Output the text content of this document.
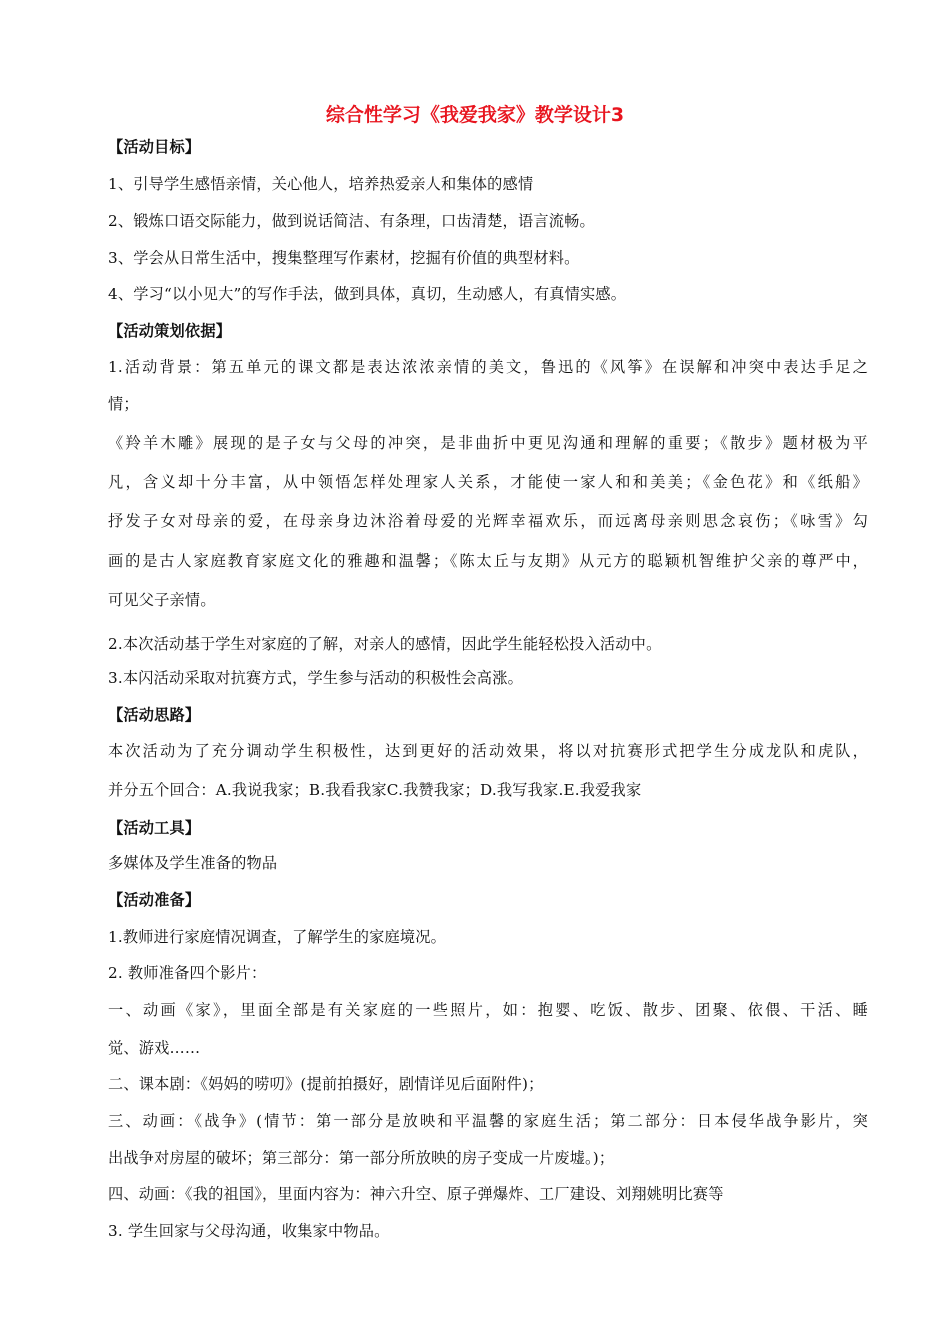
综合性学习《我爱我家》教学设计3
【活动目标】
1、引导学生感悟亲情，关心他人，培养热爱亲人和集体的感情
2、锻炼口语交际能力，做到说话简洁、有条理，口齿清楚，语言流畅。
3、学会从日常生活中，搜集整理写作素材，挖掘有价值的典型材料。
4、学习“以小见大”的写作手法，做到具体，真切，生动感人，有真情实感。
【活动策划依据】
1.活动背景：第五单元的课文都是表达浓浓亲情的美文，鲁迅的《风筝》在误解和冲突中表达手足之
情；
《羚羊木雕》展现的是子女与父母的冲突，是非曲折中更见沟通和理解的重要；《散步》题材极为平
凡，含义却十分丰富，从中领悟怎样处理家人关系，才能使一家人和和美美；《金色花》和《纸船》
抒发子女对母亲的爱，在母亲身边沐浴着母爱的光辉幸福欢乐，而远离母亲则思念哀伤；《咏雪》勾
画的是古人家庭教育家庭文化的雅趣和温馨；《陈太丘与友期》从元方的聪颖机智维护父亲的尊严中，
可见父子亲情。
2.本次活动基于学生对家庭的了解，对亲人的感情，因此学生能轻松投入活动中。
3.本闪活动采取对抗赛方式，学生参与活动的积极性会高涨。
【活动思路】
本次活动为了充分调动学生积极性，达到更好的活动效果，将以对抗赛形式把学生分成龙队和虎队，
并分五个回合：A.我说我家；B.我看我家C.我赞我家；D.我写我家.E.我爱我家
【活动工具】
多媒体及学生准备的物品
【活动准备】
1.教师进行家庭情况调查，了解学生的家庭境况。
2. 教师准备四个影片：
一、动画《家》，里面全部是有关家庭的一些照片，如：抱婴、吃饭、散步、团聚、依偎、干活、睡
觉、游戏……
二、课本剧：《妈妈的唠叨》(提前拍摄好，剧情详见后面附件)；
三、动画：《战争》(情节：第一部分是放映和平温馨的家庭生活；第二部分：日本侵华战争影片，突
出战争对房屋的破坏；第三部分：第一部分所放映的房子变成一片废墟。)；
四、动画：《我的祖国》，里面内容为：神六升空、原子弹爆炸、工厂建设、刘翔姚明比赛等
3. 学生回家与父母沟通，收集家中物品。
